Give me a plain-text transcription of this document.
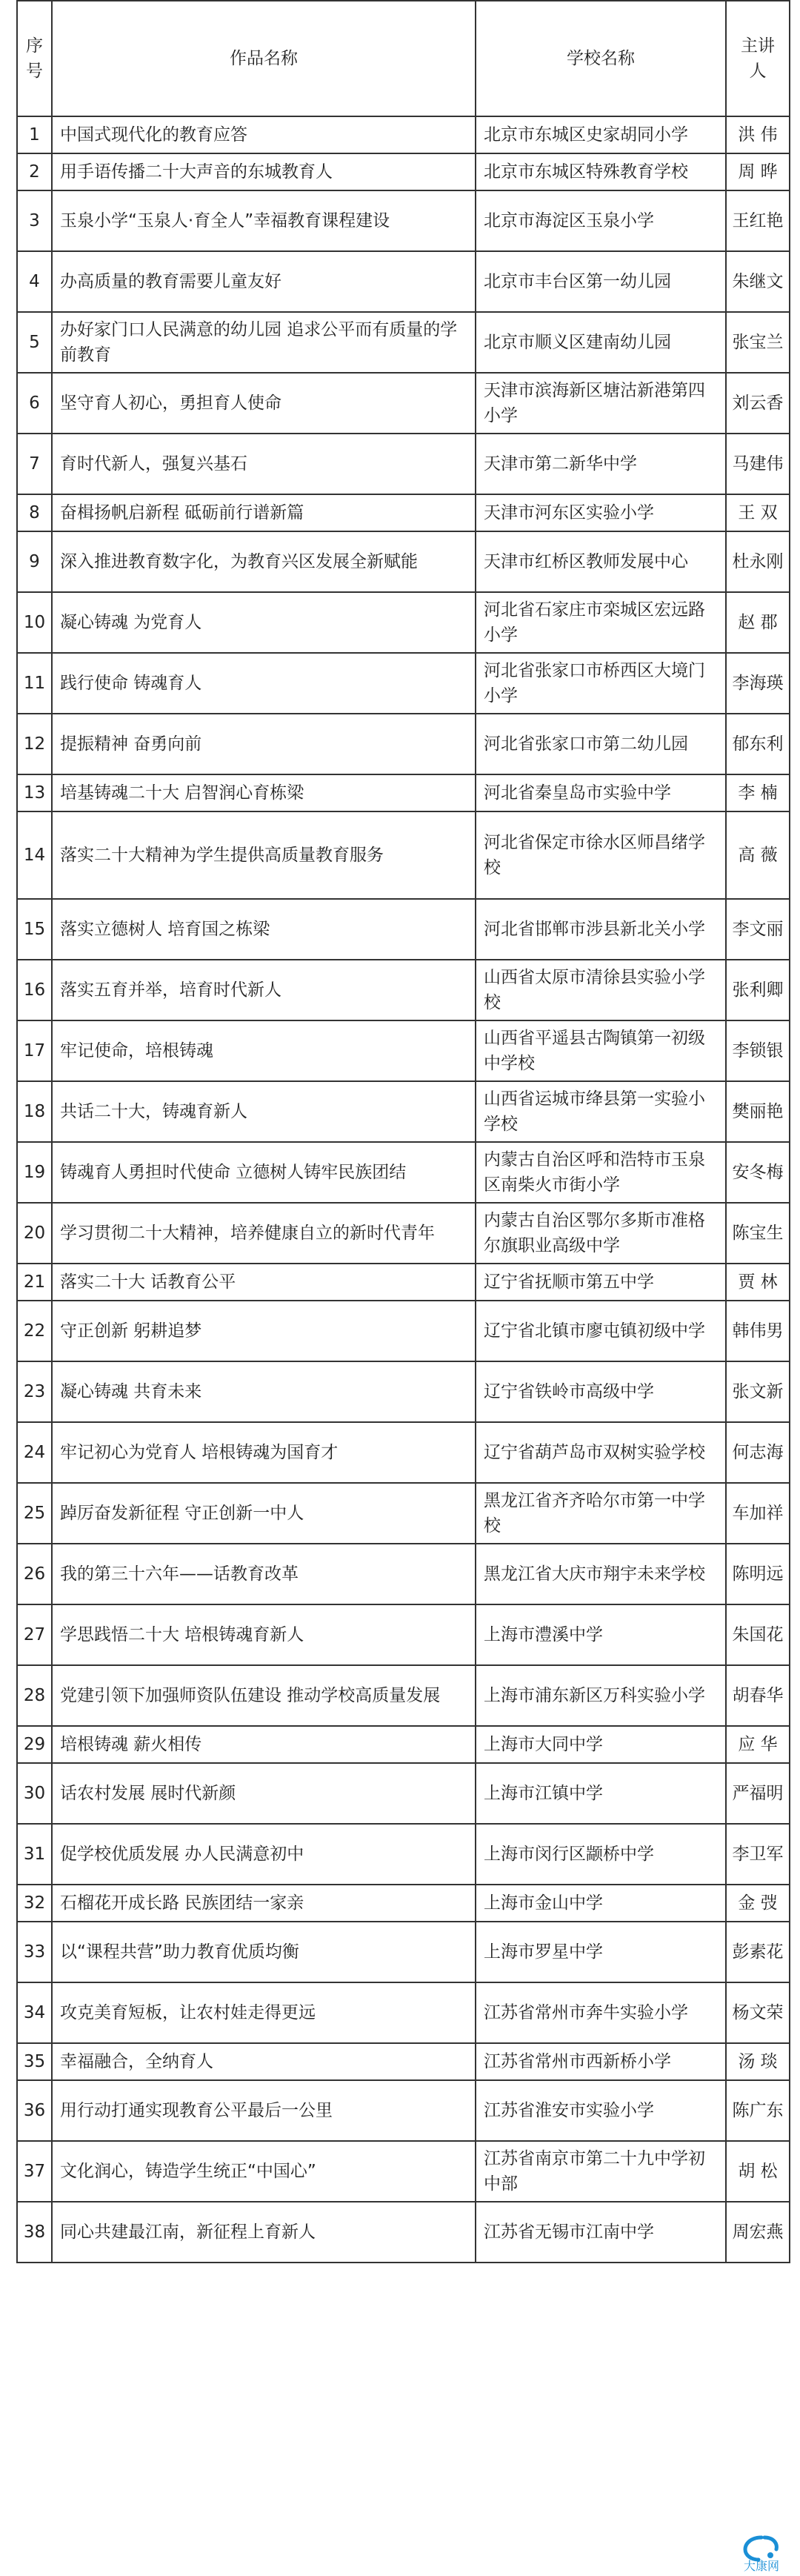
序号	作品名称	学校名称	主讲人
1	中国式现代化的教育应答	北京市东城区史家胡同小学	洪 伟
2	用手语传播二十大声音的东城教育人	北京市东城区特殊教育学校	周 晔
3	玉泉小学“玉泉人·育全人”幸福教育课程建设	北京市海淀区玉泉小学	王红艳
4	办高质量的教育需要儿童友好	北京市丰台区第一幼儿园	朱继文
5	办好家门口人民满意的幼儿园 追求公平而有质量的学前教育	北京市顺义区建南幼儿园	张宝兰
6	坚守育人初心，勇担育人使命	天津市滨海新区塘沽新港第四小学	刘云香
7	育时代新人，强复兴基石	天津市第二新华中学	马建伟
8	奋楫扬帆启新程 砥砺前行谱新篇	天津市河东区实验小学	王 双
9	深入推进教育数字化，为教育兴区发展全新赋能	天津市红桥区教师发展中心	杜永刚
10	凝心铸魂 为党育人	河北省石家庄市栾城区宏远路小学	赵 郡
11	践行使命 铸魂育人	河北省张家口市桥西区大境门小学	李海瑛
12	提振精神 奋勇向前	河北省张家口市第二幼儿园	郁东利
13	培基铸魂二十大 启智润心育栋梁	河北省秦皇岛市实验中学	李 楠
14	落实二十大精神为学生提供高质量教育服务	河北省保定市徐水区师昌绪学校	高 薇
15	落实立德树人 培育国之栋梁	河北省邯郸市涉县新北关小学	李文丽
16	落实五育并举，培育时代新人	山西省太原市清徐县实验小学校	张利卿
17	牢记使命，培根铸魂	山西省平遥县古陶镇第一初级中学校	李锁银
18	共话二十大，铸魂育新人	山西省运城市绛县第一实验小学校	樊丽艳
19	铸魂育人勇担时代使命 立德树人铸牢民族团结	内蒙古自治区呼和浩特市玉泉区南柴火市街小学	安冬梅
20	学习贯彻二十大精神，培养健康自立的新时代青年	内蒙古自治区鄂尔多斯市准格尔旗职业高级中学	陈宝生
21	落实二十大 话教育公平	辽宁省抚顺市第五中学	贾 林
22	守正创新 躬耕追梦	辽宁省北镇市廖屯镇初级中学	韩伟男
23	凝心铸魂 共育未来	辽宁省铁岭市高级中学	张文新
24	牢记初心为党育人 培根铸魂为国育才	辽宁省葫芦岛市双树实验学校	何志海
25	踔厉奋发新征程 守正创新一中人	黑龙江省齐齐哈尔市第一中学校	车加祥
26	我的第三十六年——话教育改革	黑龙江省大庆市翔宇未来学校	陈明远
27	学思践悟二十大 培根铸魂育新人	上海市澧溪中学	朱国花
28	党建引领下加强师资队伍建设 推动学校高质量发展	上海市浦东新区万科实验小学	胡春华
29	培根铸魂 薪火相传	上海市大同中学	应 华
30	话农村发展 展时代新颜	上海市江镇中学	严福明
31	促学校优质发展 办人民满意初中	上海市闵行区颛桥中学	李卫军
32	石榴花开成长路 民族团结一家亲	上海市金山中学	金 弢
33	以“课程共营”助力教育优质均衡	上海市罗星中学	彭素花
34	攻克美育短板，让农村娃走得更远	江苏省常州市奔牛实验小学	杨文荣
35	幸福融合，全纳育人	江苏省常州市西新桥小学	汤 琰
36	用行动打通实现教育公平最后一公里	江苏省淮安市实验小学	陈广东
37	文化润心，铸造学生统正“中国心”	江苏省南京市第二十九中学初中部	胡 松
38	同心共建最江南，新征程上育新人	江苏省无锡市江南中学	周宏燕
大康网
